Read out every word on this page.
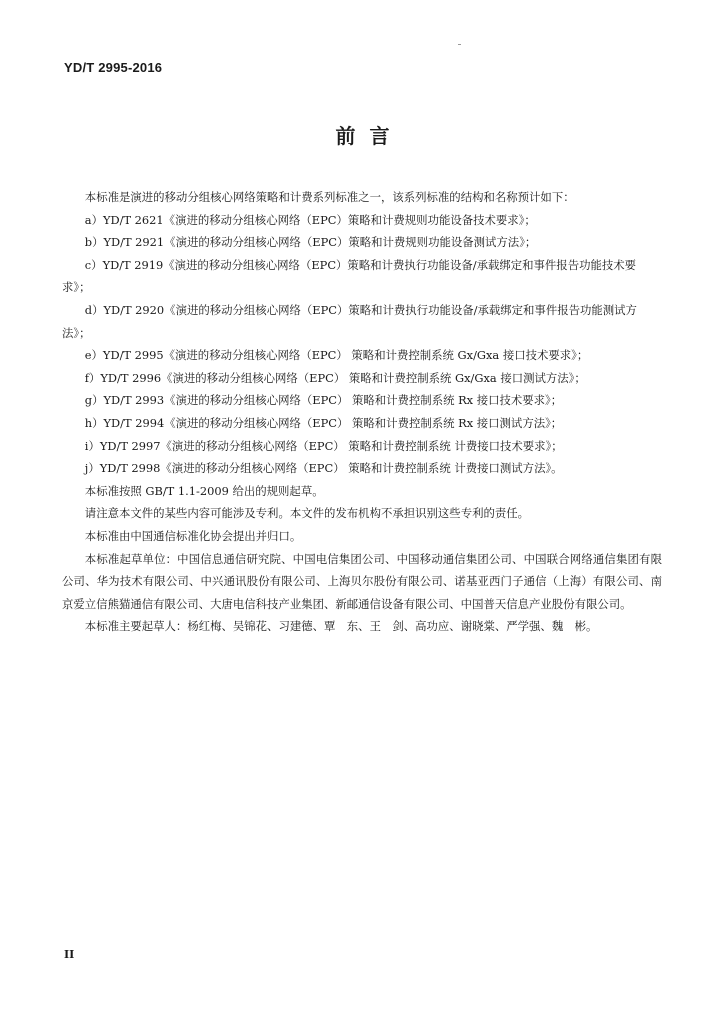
YD/T 2995-2016
前  言

本标准是演进的移动分组核心网络策略和计费系列标准之一，该系列标准的结构和名称预计如下：

a）YD/T 2621《演进的移动分组核心网络（EPC）策略和计费规则功能设备技术要求》；

b）YD/T 2921《演进的移动分组核心网络（EPC）策略和计费规则功能设备测试方法》；

c）YD/T 2919《演进的移动分组核心网络（EPC）策略和计费执行功能设备/承载绑定和事件报告功能技术要求》；

d）YD/T 2920《演进的移动分组核心网络（EPC）策略和计费执行功能设备/承载绑定和事件报告功能测试方法》；

e）YD/T 2995《演进的移动分组核心网络（EPC） 策略和计费控制系统 Gx/Gxa 接口技术要求》；

f）YD/T 2996《演进的移动分组核心网络（EPC） 策略和计费控制系统 Gx/Gxa 接口测试方法》；

g）YD/T 2993《演进的移动分组核心网络（EPC） 策略和计费控制系统 Rx 接口技术要求》；

h）YD/T 2994《演进的移动分组核心网络（EPC） 策略和计费控制系统 Rx 接口测试方法》；

i）YD/T 2997《演进的移动分组核心网络（EPC） 策略和计费控制系统 计费接口技术要求》；

j）YD/T 2998《演进的移动分组核心网络（EPC） 策略和计费控制系统 计费接口测试方法》。

本标准按照 GB/T 1.1-2009 给出的规则起草。

请注意本文件的某些内容可能涉及专利。本文件的发布机构不承担识别这些专利的责任。

本标准由中国通信标准化协会提出并归口。

本标准起草单位：中国信息通信研究院、中国电信集团公司、中国移动通信集团公司、中国联合网络通信集团有限公司、华为技术有限公司、中兴通讯股份有限公司、上海贝尔股份有限公司、诺基亚西门子通信（上海）有限公司、南京爱立信熊猫通信有限公司、大唐电信科技产业集团、新邮通信设备有限公司、中国普天信息产业股份有限公司。

本标准主要起草人：杨红梅、吴锦花、习建德、覃　东、王　剑、高功应、谢晓棠、严学强、魏　彬。

II
